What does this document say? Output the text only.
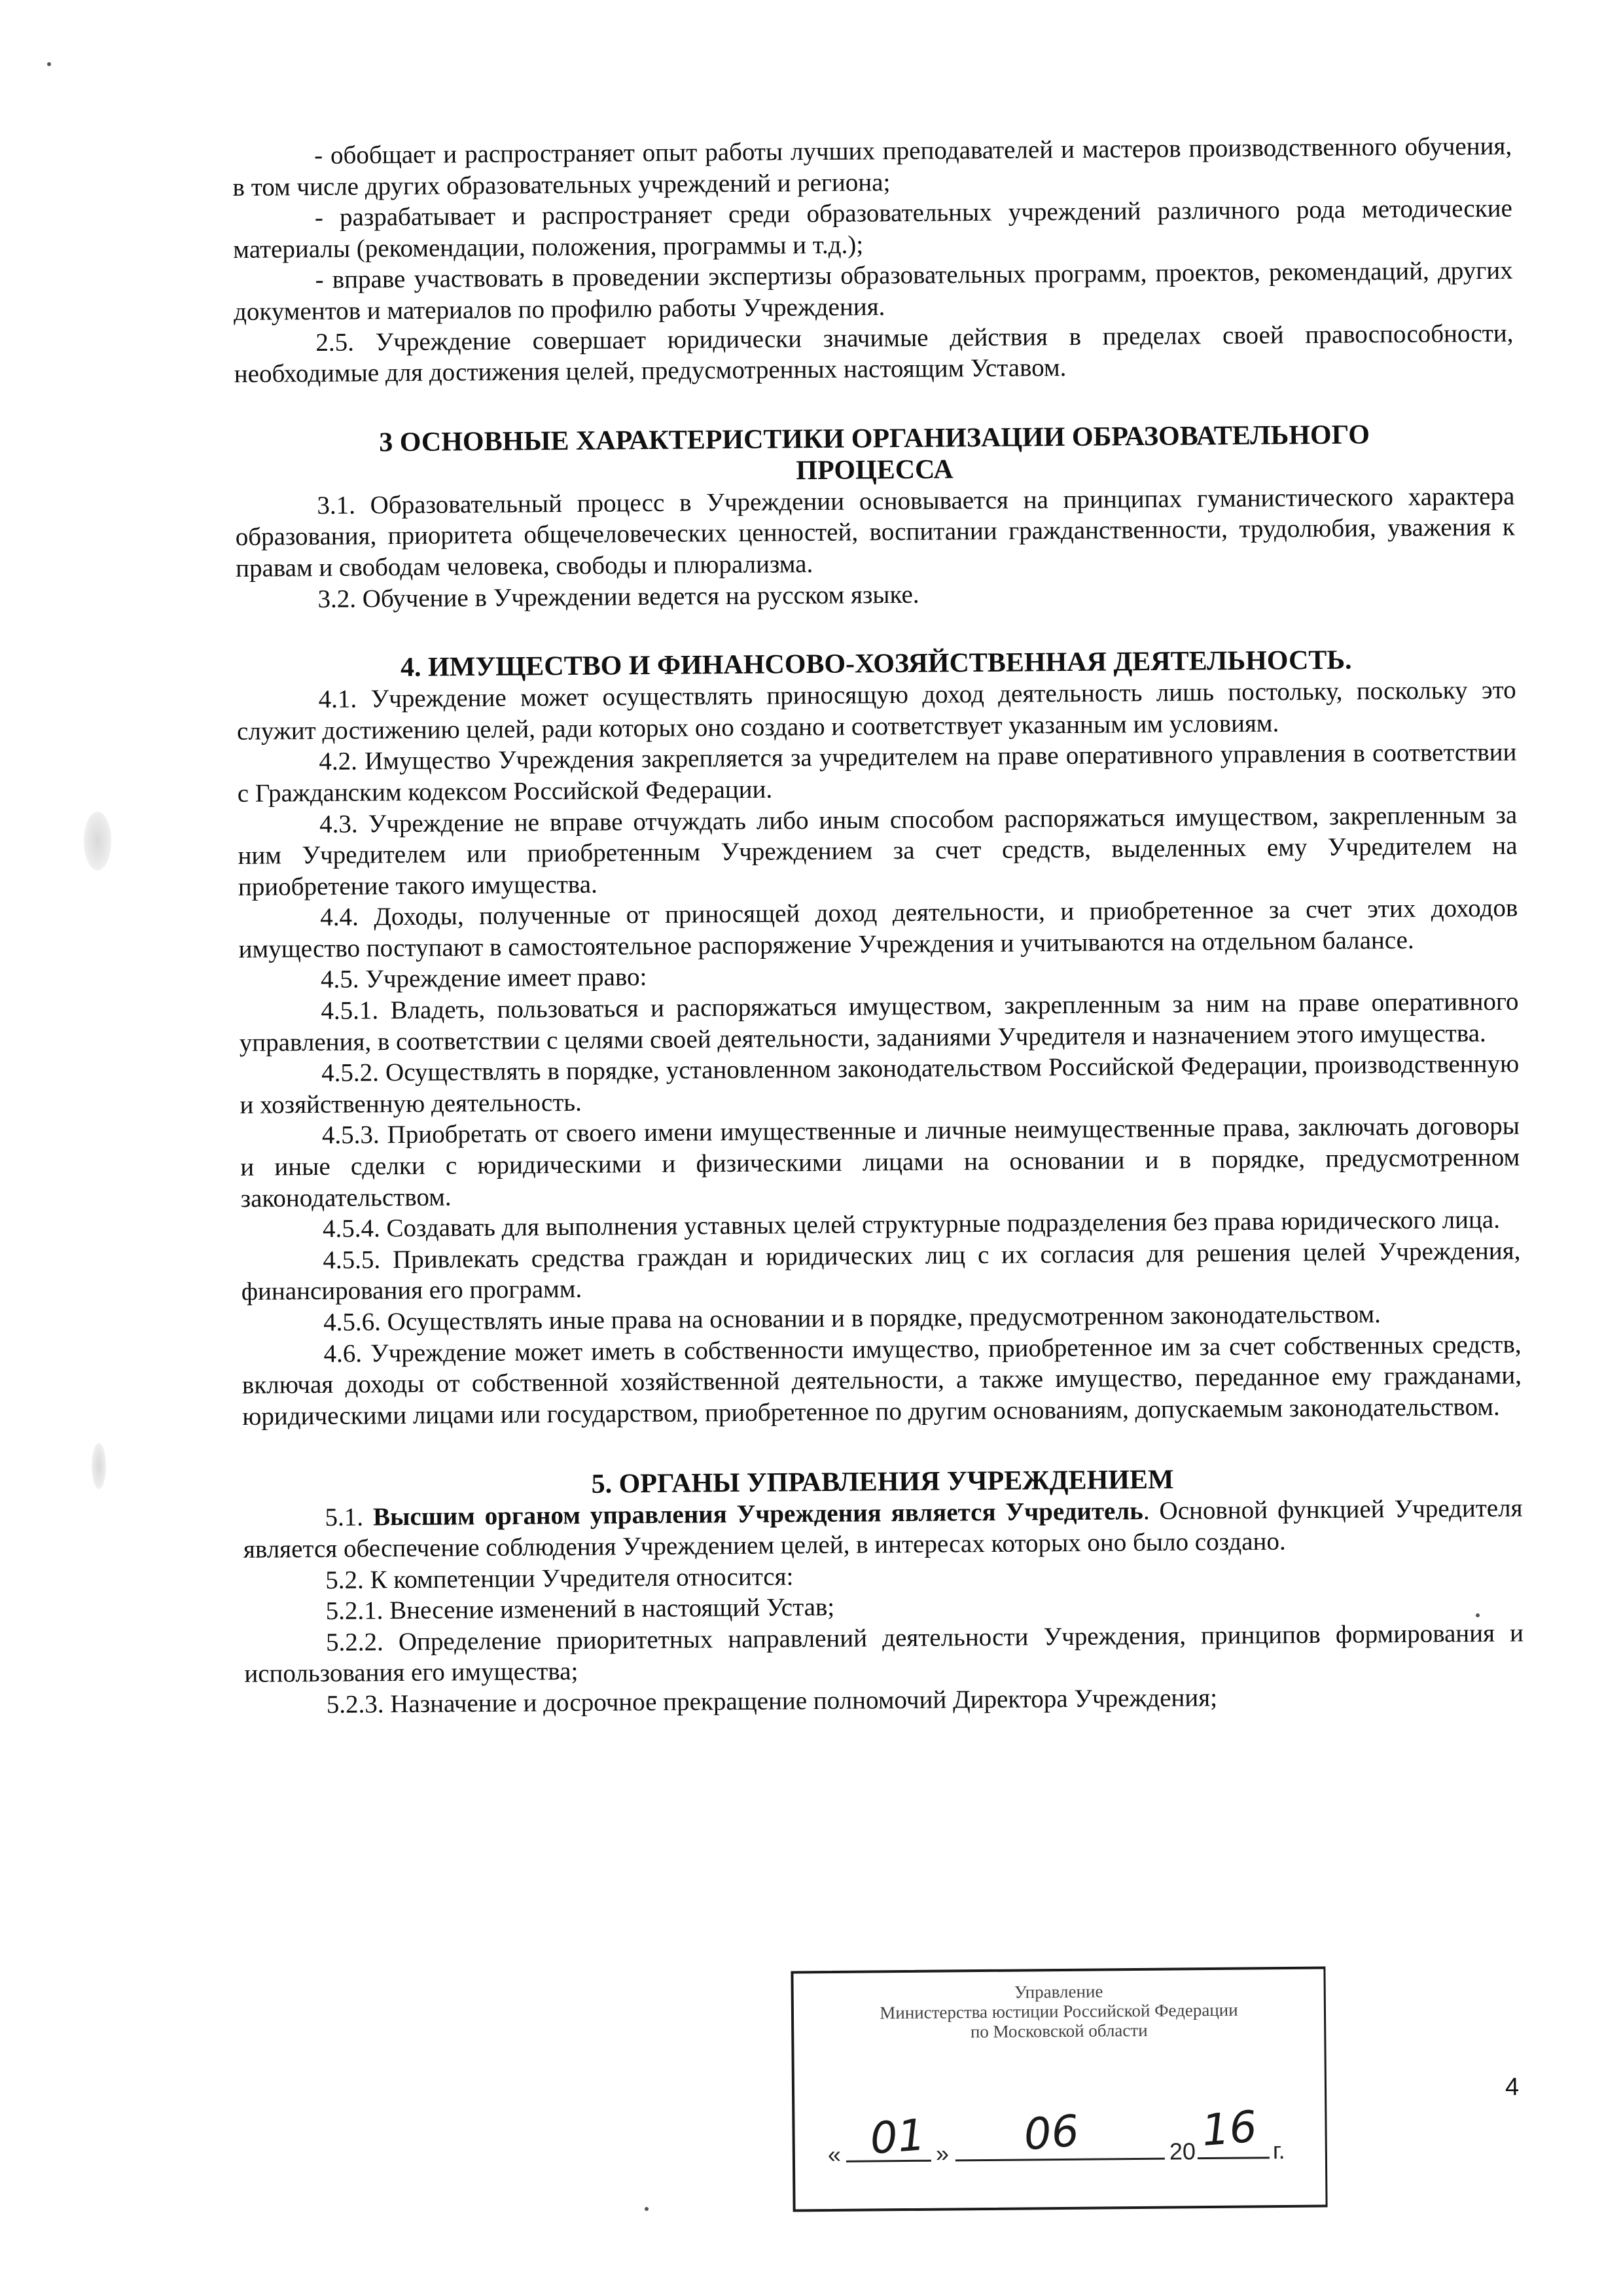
- обобщает и распространяет опыт работы лучших преподавателей и мастеров производственного обучения, в том числе других образовательных учреждений и региона;

- разрабатывает и распространяет среди образовательных учреждений различного рода методические материалы (рекомендации, положения, программы и т.д.);

- вправе участвовать в проведении экспертизы образовательных программ, проектов, рекомендаций, других документов и материалов по профилю работы Учреждения.

2.5. Учреждение совершает юридически значимые действия в пределах своей правоспособности, необходимые для достижения целей, предусмотренных настоящим Уставом.

3 ОСНОВНЫЕ ХАРАКТЕРИСТИКИ ОРГАНИЗАЦИИ ОБРАЗОВАТЕЛЬНОГО
ПРОЦЕССА

3.1. Образовательный процесс в Учреждении основывается на принципах гуманистического характера образования, приоритета общечеловеческих ценностей, воспитании гражданственности, трудолюбия, уважения к правам и свободам человека, свободы и плюрализма.

3.2. Обучение в Учреждении ведется на русском языке.

4. ИМУЩЕСТВО И ФИНАНСОВО-ХОЗЯЙСТВЕННАЯ ДЕЯТЕЛЬНОСТЬ.

4.1. Учреждение может осуществлять приносящую доход деятельность лишь постольку, поскольку это служит достижению целей, ради которых оно создано и соответствует указанным им условиям.

4.2. Имущество Учреждения закрепляется за учредителем на праве оперативного управления в соответствии с Гражданским кодексом Российской Федерации.

4.3. Учреждение не вправе отчуждать либо иным способом распоряжаться имуществом, закрепленным за ним Учредителем или приобретенным Учреждением за счет средств, выделенных ему Учредителем на приобретение такого имущества.

4.4. Доходы, полученные от приносящей доход деятельности, и приобретенное за счет этих доходов имущество поступают в самостоятельное распоряжение Учреждения и учитываются на отдельном балансе.

4.5. Учреждение имеет право:

4.5.1. Владеть, пользоваться и распоряжаться имуществом, закрепленным за ним на праве оперативного управления, в соответствии с целями своей деятельности, заданиями Учредителя и назначением этого имущества.

4.5.2. Осуществлять в порядке, установленном законодательством Российской Федерации, производственную и хозяйственную деятельность.

4.5.3. Приобретать от своего имени имущественные и личные неимущественные права, заключать договоры и иные сделки с юридическими и физическими лицами на основании и в порядке, предусмотренном законодательством.

4.5.4. Создавать для выполнения уставных целей структурные подразделения без права юридического лица.

4.5.5. Привлекать средства граждан и юридических лиц с их согласия для решения целей Учреждения, финансирования его программ.

4.5.6. Осуществлять иные права на основании и в порядке, предусмотренном законодательством.

4.6. Учреждение может иметь в собственности имущество, приобретенное им за счет собственных средств, включая доходы от собственной хозяйственной деятельности, а также имущество, переданное ему гражданами, юридическими лицами или государством, приобретенное по другим основаниям, допускаемым законодательством.

5. ОРГАНЫ УПРАВЛЕНИЯ УЧРЕЖДЕНИЕМ

5.1. Высшим органом управления Учреждения является Учредитель. Основной функцией Учредителя является обеспечение соблюдения Учреждением целей, в интересах которых оно было создано.

5.2. К компетенции Учредителя относится:

5.2.1. Внесение изменений в настоящий Устав;

5.2.2. Определение приоритетных направлений деятельности Учреждения, принципов формирования и использования его имущества;

5.2.3. Назначение и досрочное прекращение полномочий Директора Учреждения;

4
Управление
Министерства юстиции Российской Федерации
по Московской области
« 01 » 06	20 16 г.
